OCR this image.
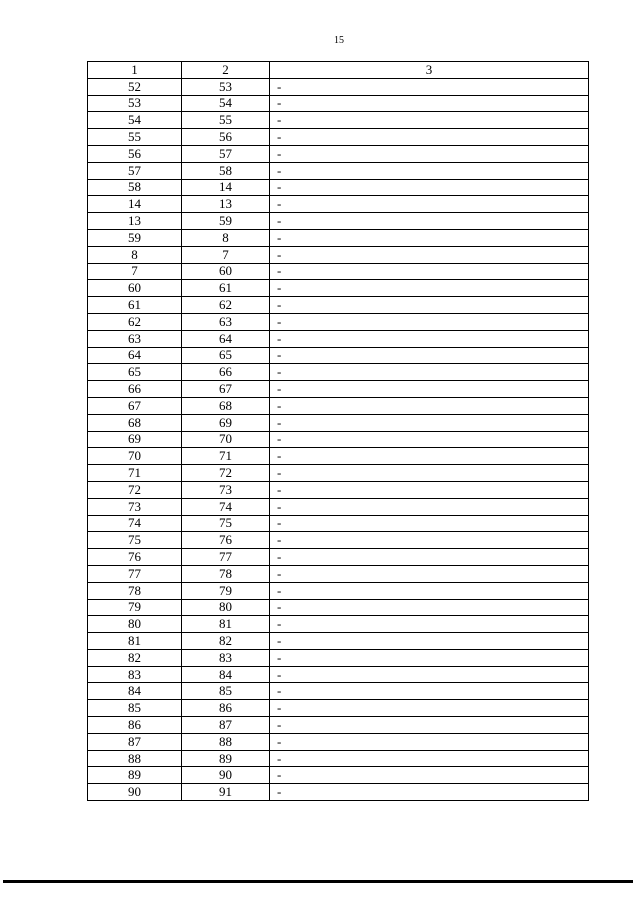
15
1	2	3
52	53	-
53	54	-
54	55	-
55	56	-
56	57	-
57	58	-
58	14	-
14	13	-
13	59	-
59	8	-
8	7	-
7	60	-
60	61	-
61	62	-
62	63	-
63	64	-
64	65	-
65	66	-
66	67	-
67	68	-
68	69	-
69	70	-
70	71	-
71	72	-
72	73	-
73	74	-
74	75	-
75	76	-
76	77	-
77	78	-
78	79	-
79	80	-
80	81	-
81	82	-
82	83	-
83	84	-
84	85	-
85	86	-
86	87	-
87	88	-
88	89	-
89	90	-
90	91	-
